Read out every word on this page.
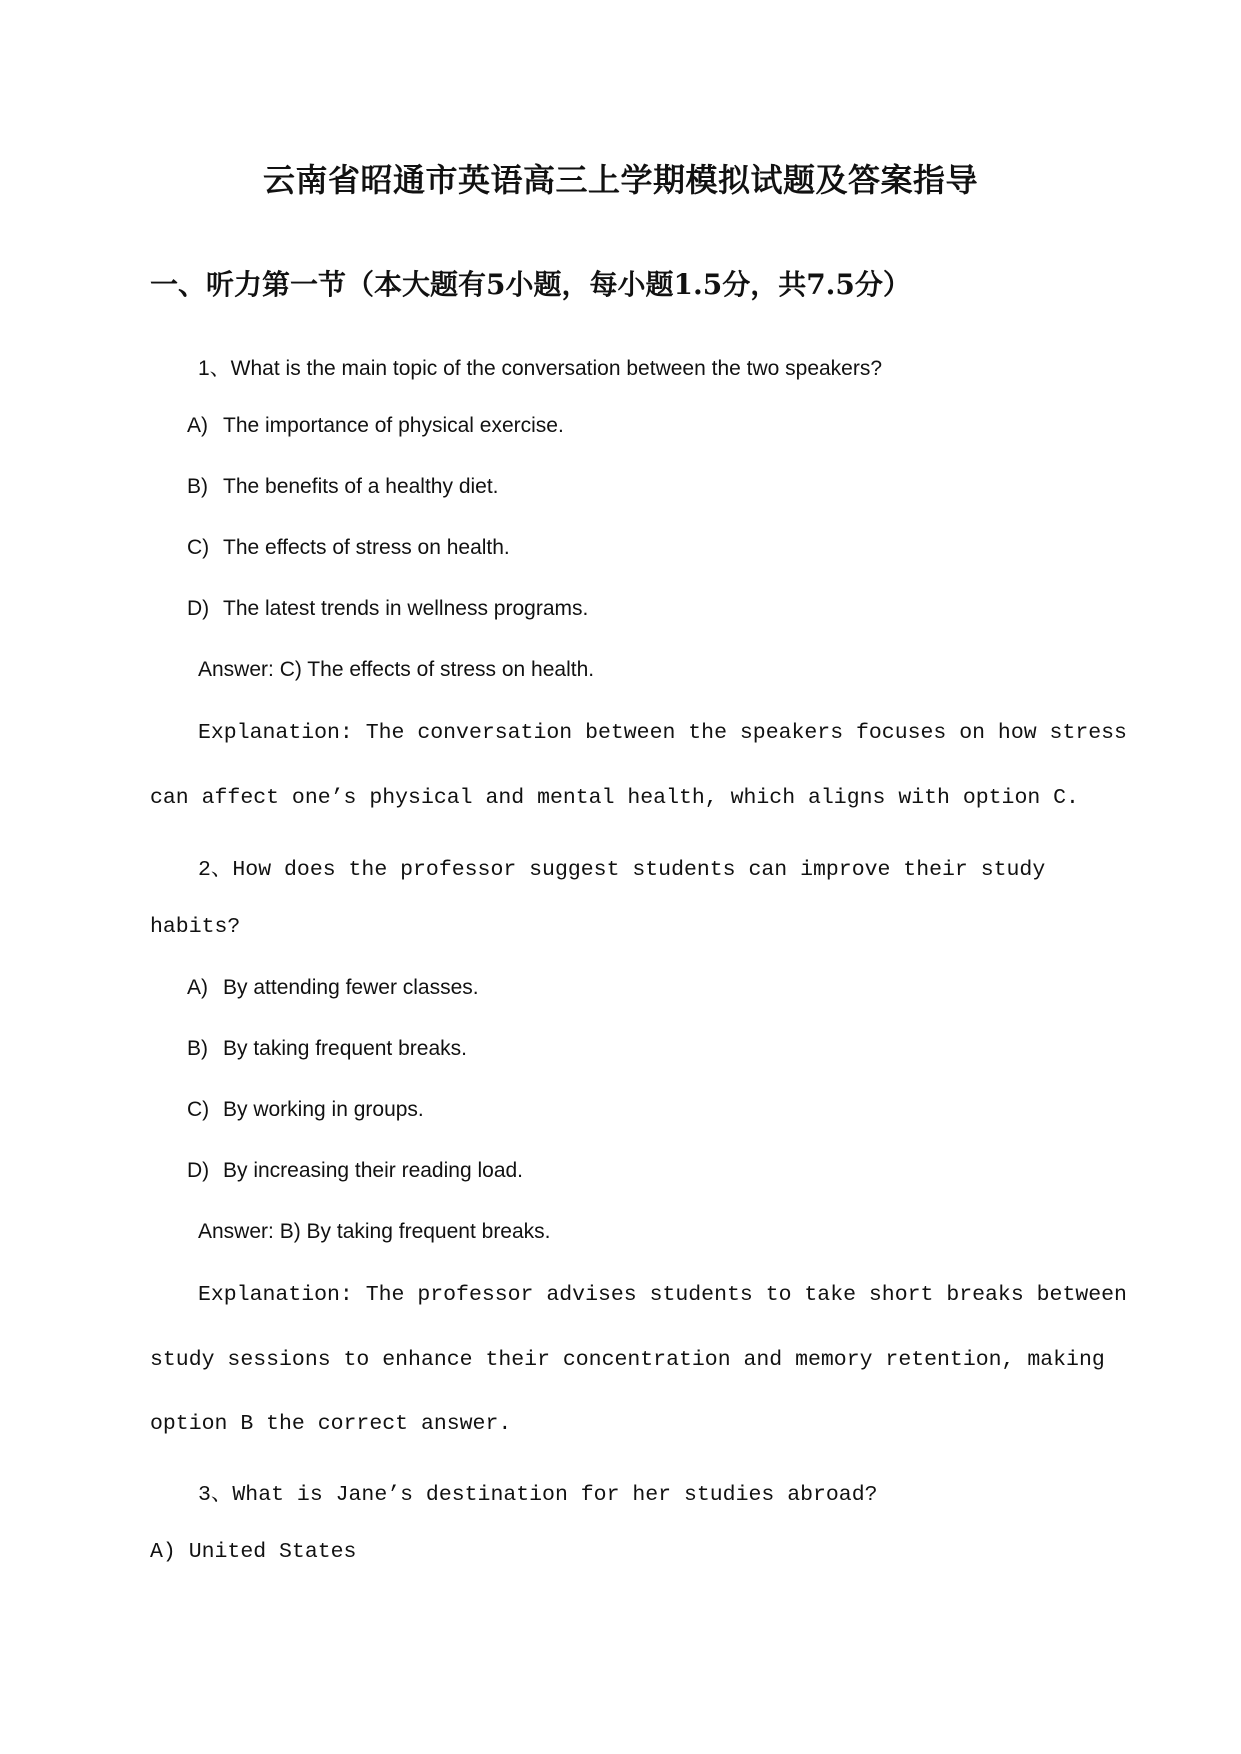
云南省昭通市英语高三上学期模拟试题及答案指导
一、听力第一节（本大题有5小题，每小题1.5分，共7.5分）
1、What is the main topic of the conversation between the two speakers?
A) The importance of physical exercise.
B) The benefits of a healthy diet.
C) The effects of stress on health.
D) The latest trends in wellness programs.
Answer: C) The effects of stress on health.
Explanation: The conversation between the speakers focuses on how stress
can affect one’s physical and mental health, which aligns with option C.
2、How does the professor suggest students can improve their study
habits?
A) By attending fewer classes.
B) By taking frequent breaks.
C) By working in groups.
D) By increasing their reading load.
Answer: B) By taking frequent breaks.
Explanation: The professor advises students to take short breaks between
study sessions to enhance their concentration and memory retention, making
option B the correct answer.
3、What is Jane’s destination for her studies abroad?
A) United States
